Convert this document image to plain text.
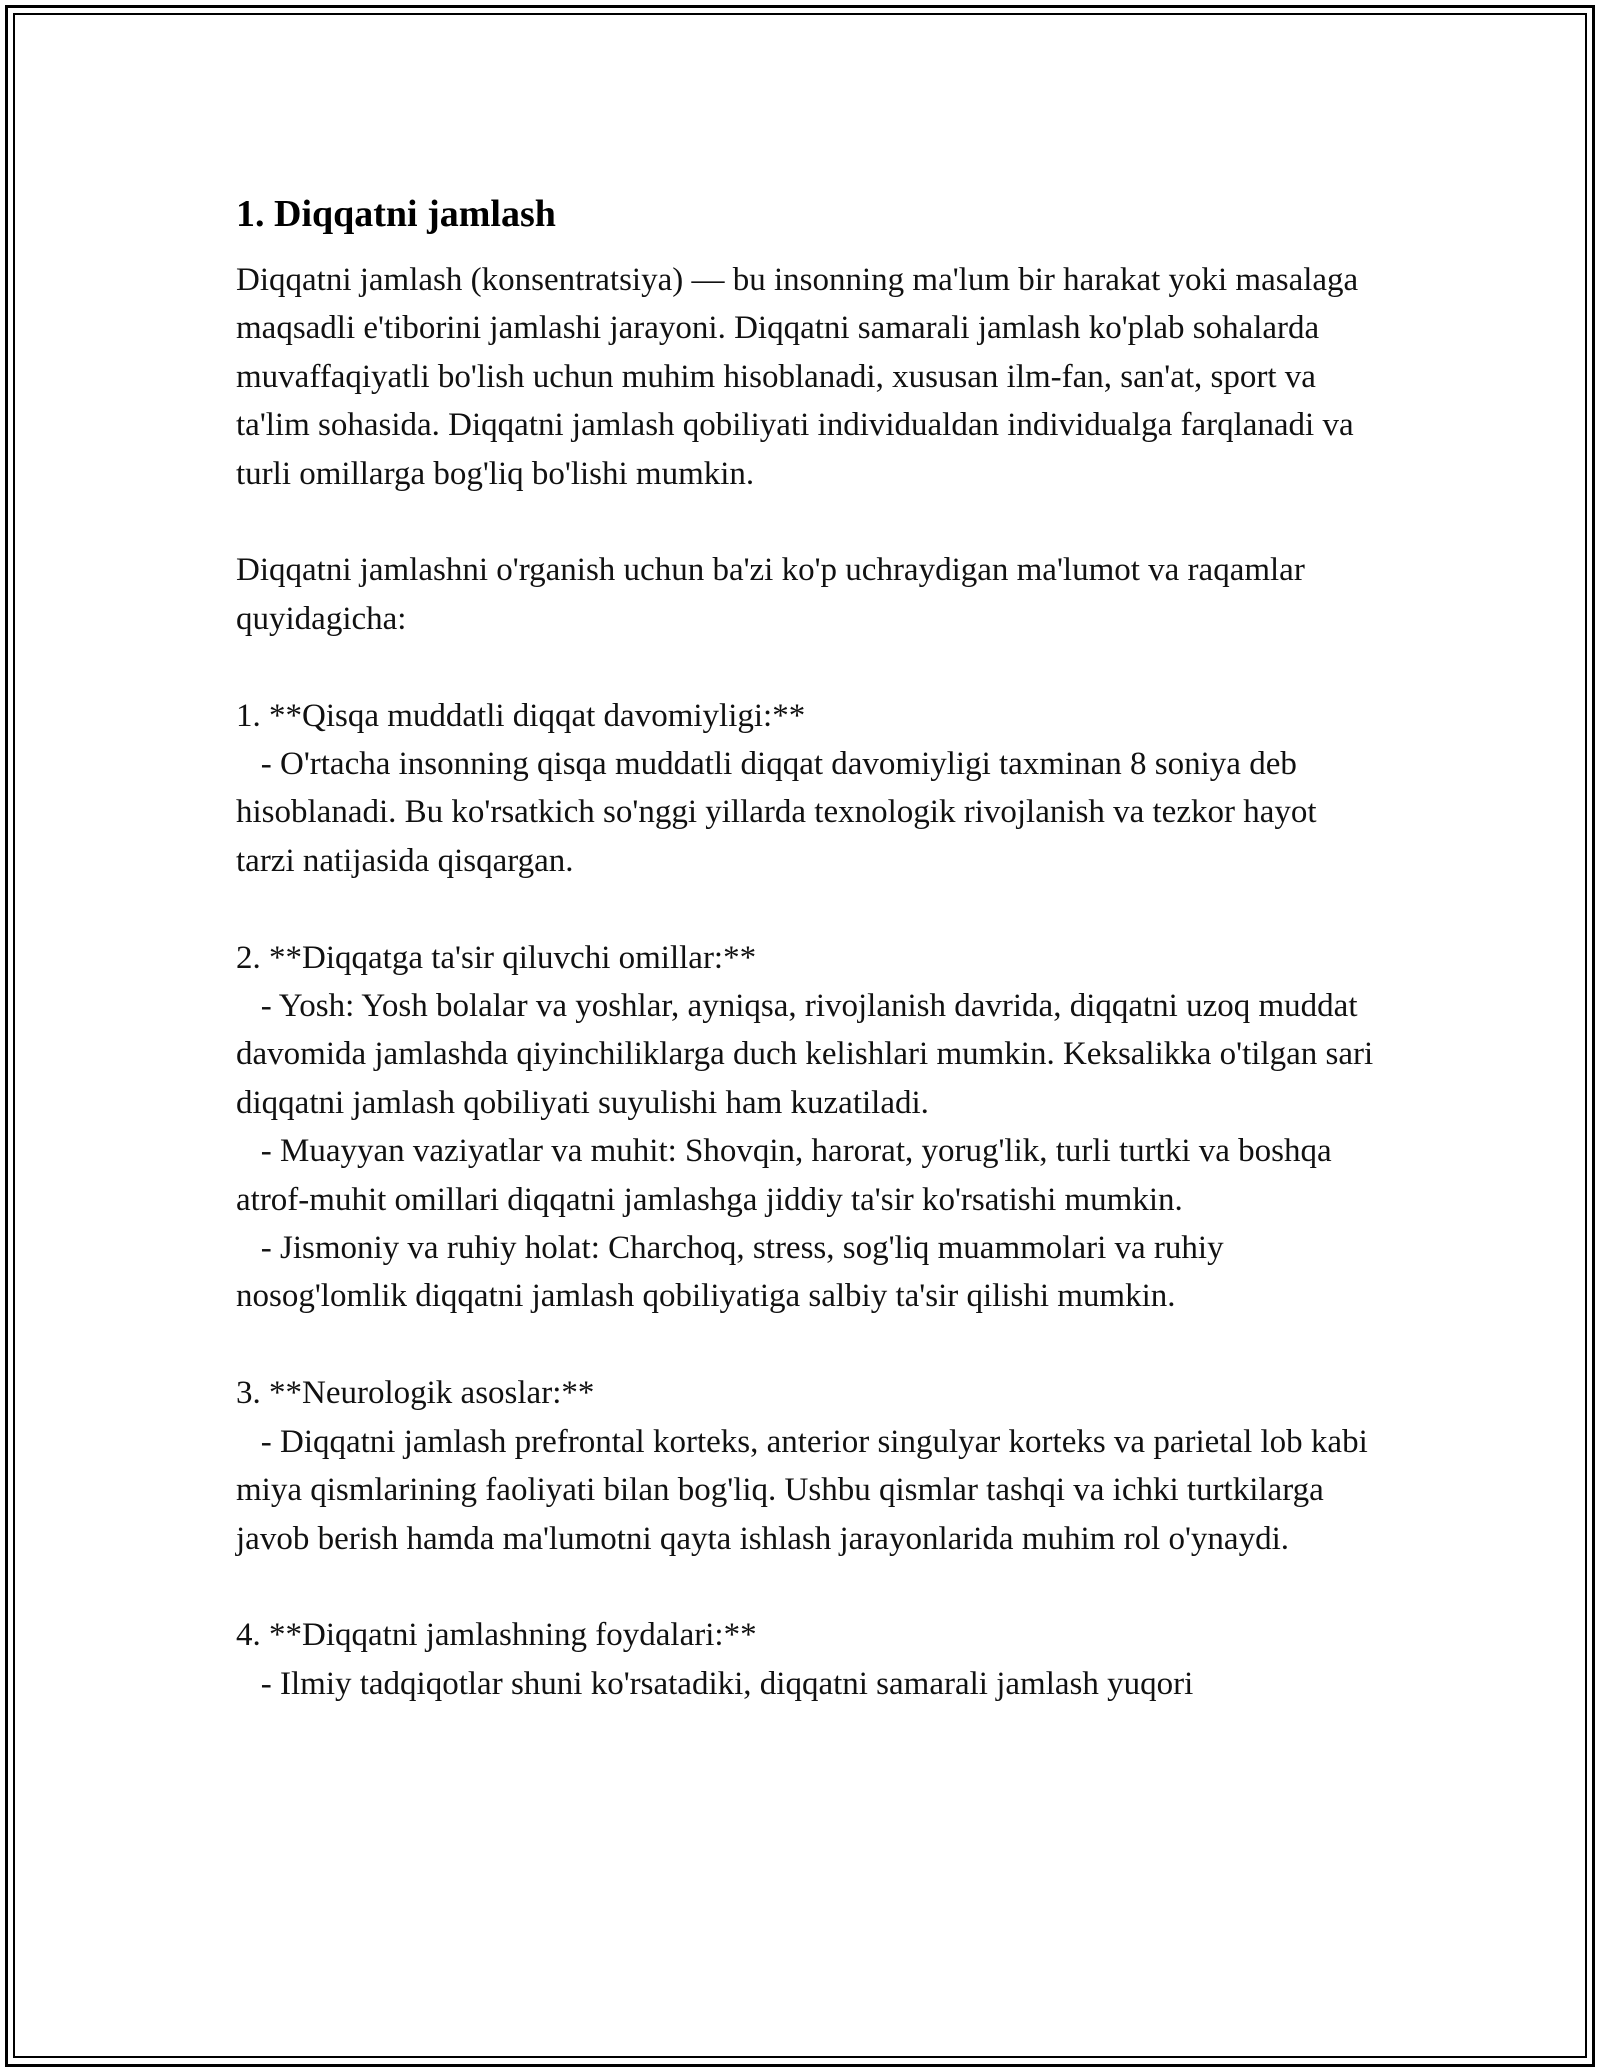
1. Diqqatni jamlash

Diqqatni jamlash (konsentratsiya) — bu insonning ma'lum bir harakat yoki masalaga maqsadli e'tiborini jamlashi jarayoni. Diqqatni samarali jamlash ko'plab sohalarda muvaffaqiyatli bo'lish uchun muhim hisoblanadi, xususan ilm-fan, san'at, sport va ta'lim sohasida. Diqqatni jamlash qobiliyati individualdan individualga farqlanadi va turli omillarga bog'liq bo'lishi mumkin.

Diqqatni jamlashni o'rganish uchun ba'zi ko'p uchraydigan ma'lumot va raqamlar quyidagicha:

1. **Qisqa muddatli diqqat davomiyligi:**

- O'rtacha insonning qisqa muddatli diqqat davomiyligi taxminan 8 soniya deb hisoblanadi. Bu ko'rsatkich so'nggi yillarda texnologik rivojlanish va tezkor hayot tarzi natijasida qisqargan.

2. **Diqqatga ta'sir qiluvchi omillar:**

- Yosh: Yosh bolalar va yoshlar, ayniqsa, rivojlanish davrida, diqqatni uzoq muddat davomida jamlashda qiyinchiliklarga duch kelishlari mumkin. Keksalikka o'tilgan sari diqqatni jamlash qobiliyati suyulishi ham kuzatiladi.

- Muayyan vaziyatlar va muhit: Shovqin, harorat, yorug'lik, turli turtki va boshqa atrof-muhit omillari diqqatni jamlashga jiddiy ta'sir ko'rsatishi mumkin.

- Jismoniy va ruhiy holat: Charchoq, stress, sog'liq muammolari va ruhiy nosog'lomlik diqqatni jamlash qobiliyatiga salbiy ta'sir qilishi mumkin.

3. **Neurologik asoslar:**

- Diqqatni jamlash prefrontal korteks, anterior singulyar korteks va parietal lob kabi miya qismlarining faoliyati bilan bog'liq. Ushbu qismlar tashqi va ichki turtkilarga javob berish hamda ma'lumotni qayta ishlash jarayonlarida muhim rol o'ynaydi.

4. **Diqqatni jamlashning foydalari:**

- Ilmiy tadqiqotlar shuni ko'rsatadiki, diqqatni samarali jamlash yuqori
